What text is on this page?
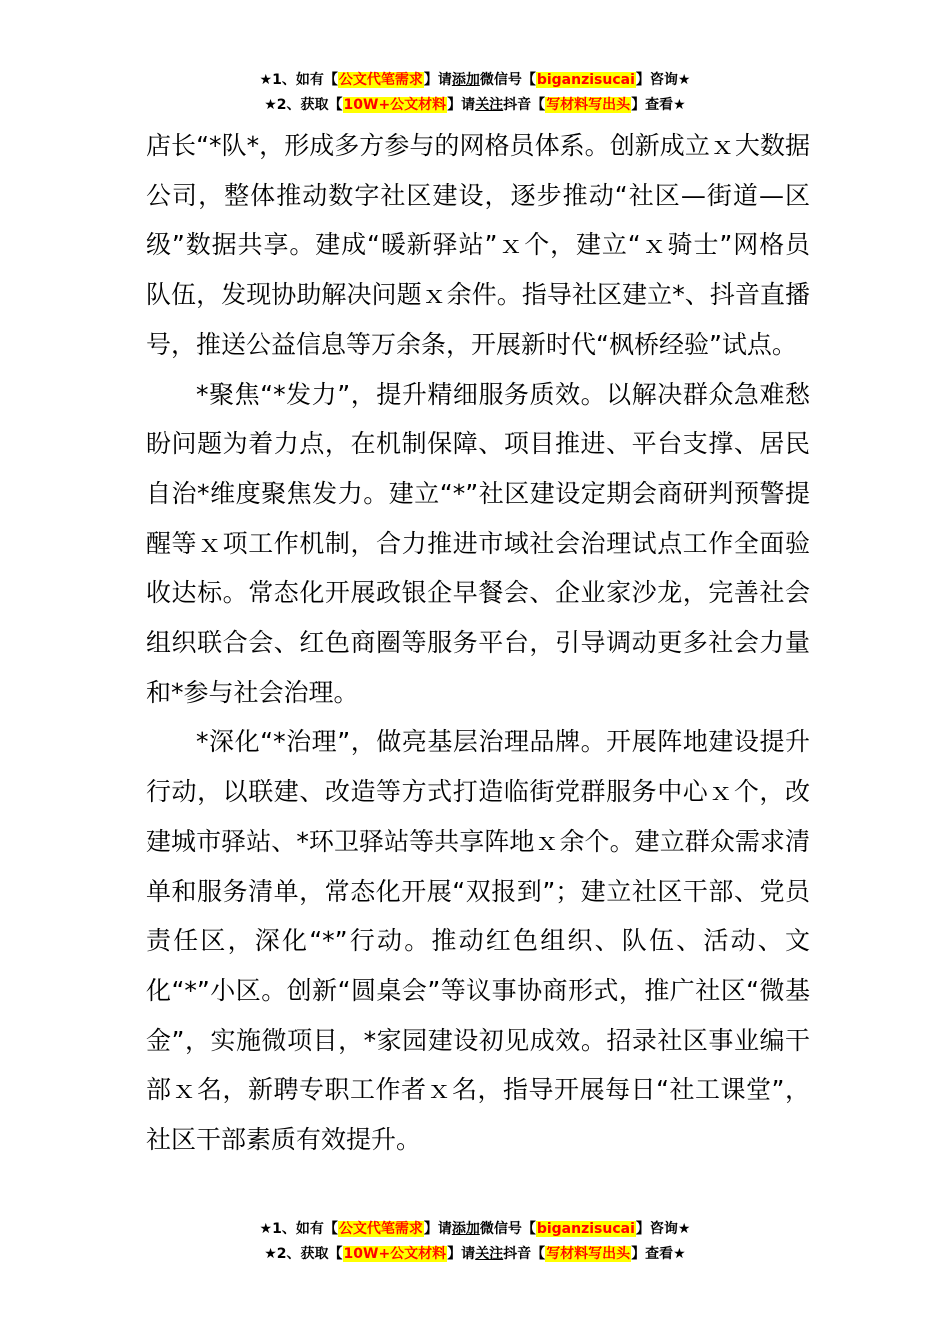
★1、如有【公文代笔需求】请添加微信号【biganzisucai】咨询★
★2、获取【10W+公文材料】请关注抖音【写材料写出头】查看★

店长“*队*，形成多方参与的网格员体系。创新成立ｘ大数据公司，整体推动数字社区建设，逐步推动“社区—街道—区级”数据共享。建成“暖新驿站”ｘ个，建立“ｘ骑士”网格员队伍，发现协助解决问题ｘ余件。指导社区建立*、抖音直播号，推送公益信息等万余条，开展新时代“枫桥经验”试点。

*聚焦“*发力”，提升精细服务质效。以解决群众急难愁盼问题为着力点，在机制保障、项目推进、平台支撑、居民自治*维度聚焦发力。建立“*”社区建设定期会商研判预警提醒等ｘ项工作机制，合力推进市域社会治理试点工作全面验收达标。常态化开展政银企早餐会、企业家沙龙，完善社会组织联合会、红色商圈等服务平台，引导调动更多社会力量和*参与社会治理。

*深化“*治理”，做亮基层治理品牌。开展阵地建设提升行动，以联建、改造等方式打造临街党群服务中心ｘ个，改建城市驿站、*环卫驿站等共享阵地ｘ余个。建立群众需求清单和服务清单，常态化开展“双报到”；建立社区干部、党员责任区，深化“*”行动。推动红色组织、队伍、活动、文化“*”小区。创新“圆桌会”等议事协商形式，推广社区“微基金”，实施微项目，*家园建设初见成效。招录社区事业编干部ｘ名，新聘专职工作者ｘ名，指导开展每日“社工课堂”，社区干部素质有效提升。

★1、如有【公文代笔需求】请添加微信号【biganzisucai】咨询★
★2、获取【10W+公文材料】请关注抖音【写材料写出头】查看★
